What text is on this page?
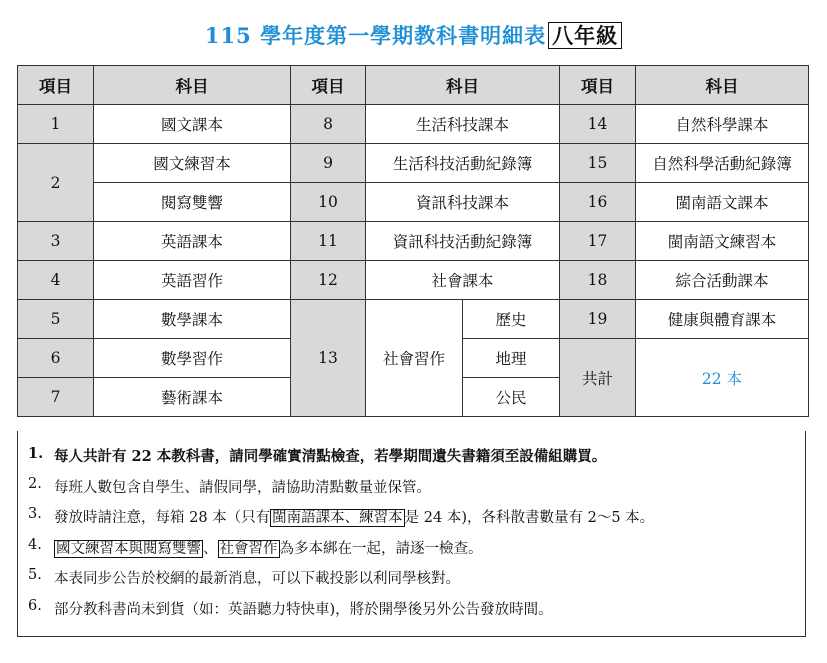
115 學年度第一學期教科書明細表 八年級
項目	科目	項目	科目		項目	科目
1	國文課本	8	生活科技課本		14	自然科學課本
2	國文練習本	9	生活科技活動紀錄簿		15	自然科學活動紀錄簿
	閱寫雙響	10	資訊科技課本		16	閩南語文課本
3	英語課本	11	資訊科技活動紀錄簿		17	閩南語文練習本
4	英語習作	12	社會課本		18	綜合活動課本
5	數學課本	13	社會習作	歷史	19	健康與體育課本
6	數學習作			地理	共計	22 本
7	藝術課本			公民		
1. 每人共計有 22 本教科書，請同學確實清點檢查，若學期間遺失書籍須至設備組購買。
2. 每班人數包含自學生、請假同學，請協助清點數量並保管。
3. 發放時請注意，每箱 28 本（只有 閩南語課本、練習本 是 24 本)，各科散書數量有 2～5 本。
4. 國文練習本與閱寫雙響 、 社會習作 為多本綁在一起，請逐一檢查。
5. 本表同步公告於校網的最新消息，可以下載投影以利同學核對。
6. 部分教科書尚未到貨（如：英語聽力特快車)，將於開學後另外公告發放時間。
